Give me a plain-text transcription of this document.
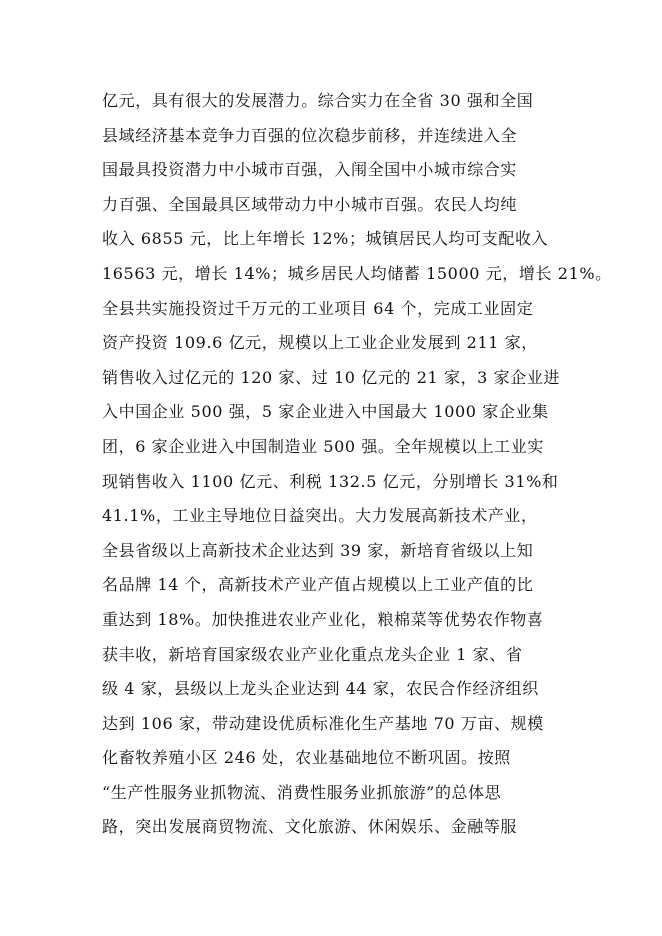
亿元，具有很大的发展潜力。综合实力在全省 30 强和全国
县域经济基本竞争力百强的位次稳步前移，并连续进入全
国最具投资潜力中小城市百强，入闱全国中小城市综合实
力百强、全国最具区域带动力中小城市百强。农民人均纯
收入 6855 元，比上年增长 12%；城镇居民人均可支配收入
16563 元，增长 14%；城乡居民人均储蓄 15000 元，增长 21%。
全县共实施投资过千万元的工业项目 64 个，完成工业固定
资产投资 109.6 亿元，规模以上工业企业发展到 211 家，
销售收入过亿元的 120 家、过 10 亿元的 21 家，3 家企业进
入中国企业 500 强，5 家企业进入中国最大 1000 家企业集
团，6 家企业进入中国制造业 500 强。全年规模以上工业实
现销售收入 1100 亿元、利税 132.5 亿元，分别增长 31%和
41.1%，工业主导地位日益突出。大力发展高新技术产业，
全县省级以上高新技术企业达到 39 家，新培育省级以上知
名品牌 14 个，高新技术产业产值占规模以上工业产值的比
重达到 18%。加快推进农业产业化，粮棉菜等优势农作物喜
获丰收，新培育国家级农业产业化重点龙头企业 1 家、省
级 4 家，县级以上龙头企业达到 44 家，农民合作经济组织
达到 106 家，带动建设优质标准化生产基地 70 万亩、规模
化畜牧养殖小区 246 处，农业基础地位不断巩固。按照
“生产性服务业抓物流、消费性服务业抓旅游”的总体思
路，突出发展商贸物流、文化旅游、休闲娱乐、金融等服
